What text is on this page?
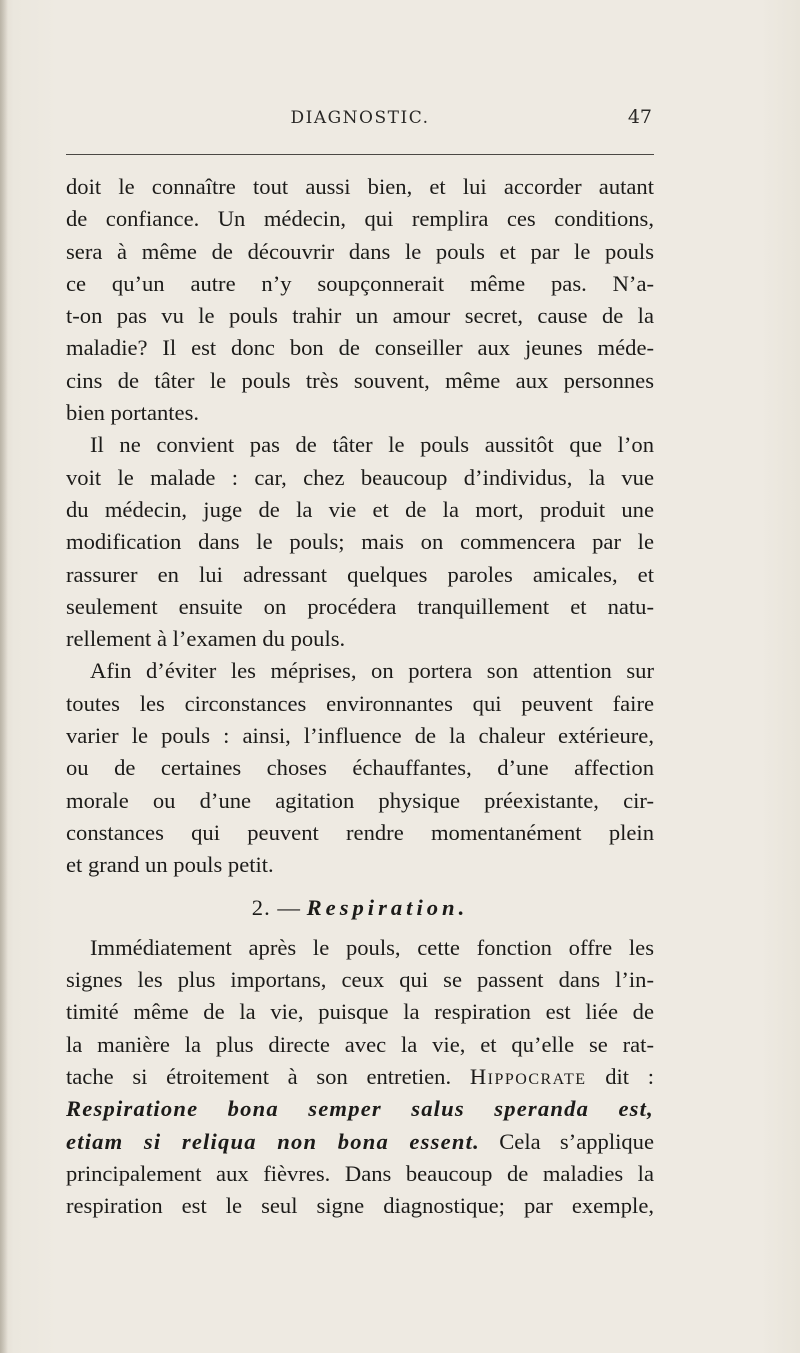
DIAGNOSTIC.	47
doit le connaître tout aussi bien, et lui accorder autant
de confiance. Un médecin, qui remplira ces conditions,
sera à même de découvrir dans le pouls et par le pouls
ce qu’un autre n’y soupçonnerait même pas. N’a-
t-on pas vu le pouls trahir un amour secret, cause de la
maladie? Il est donc bon de conseiller aux jeunes méde-
cins de tâter le pouls très souvent, même aux personnes
bien portantes.
Il ne convient pas de tâter le pouls aussitôt que l’on
voit le malade : car, chez beaucoup d’individus, la vue
du médecin, juge de la vie et de la mort, produit une
modification dans le pouls; mais on commencera par le
rassurer en lui adressant quelques paroles amicales, et
seulement ensuite on procédera tranquillement et natu-
rellement à l’examen du pouls.
Afin d’éviter les méprises, on portera son attention sur
toutes les circonstances environnantes qui peuvent faire
varier le pouls : ainsi, l’influence de la chaleur extérieure,
ou de certaines choses échauffantes, d’une affection
morale ou d’une agitation physique préexistante, cir-
constances qui peuvent rendre momentanément plein
et grand un pouls petit.
2. — Respiration.
Immédiatement après le pouls, cette fonction offre les
signes les plus importans, ceux qui se passent dans l’in-
timité même de la vie, puisque la respiration est liée de
la manière la plus directe avec la vie, et qu’elle se rat-
tache si étroitement à son entretien. Hippocrate dit :
Respiratione bona semper salus speranda est,
etiam si reliqua non bona essent. Cela s’applique
principalement aux fièvres. Dans beaucoup de maladies la
respiration est le seul signe diagnostique; par exemple,
